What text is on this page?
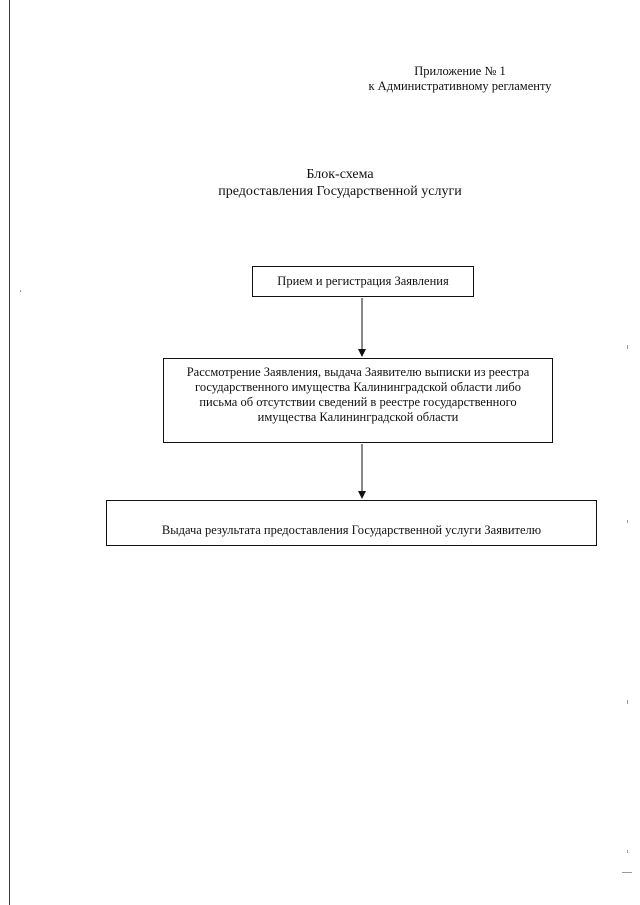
Приложение № 1
к Административному регламенту
Блок-схема
предоставления Государственной услуги
Прием и регистрация Заявления
Рассмотрение Заявления, выдача Заявителю выписки из реестра
государственного имущества Калининградской области либо
письма об отсутствии сведений в реестре государственного
имущества Калининградской области
Выдача результата предоставления Государственной услуги Заявителю
